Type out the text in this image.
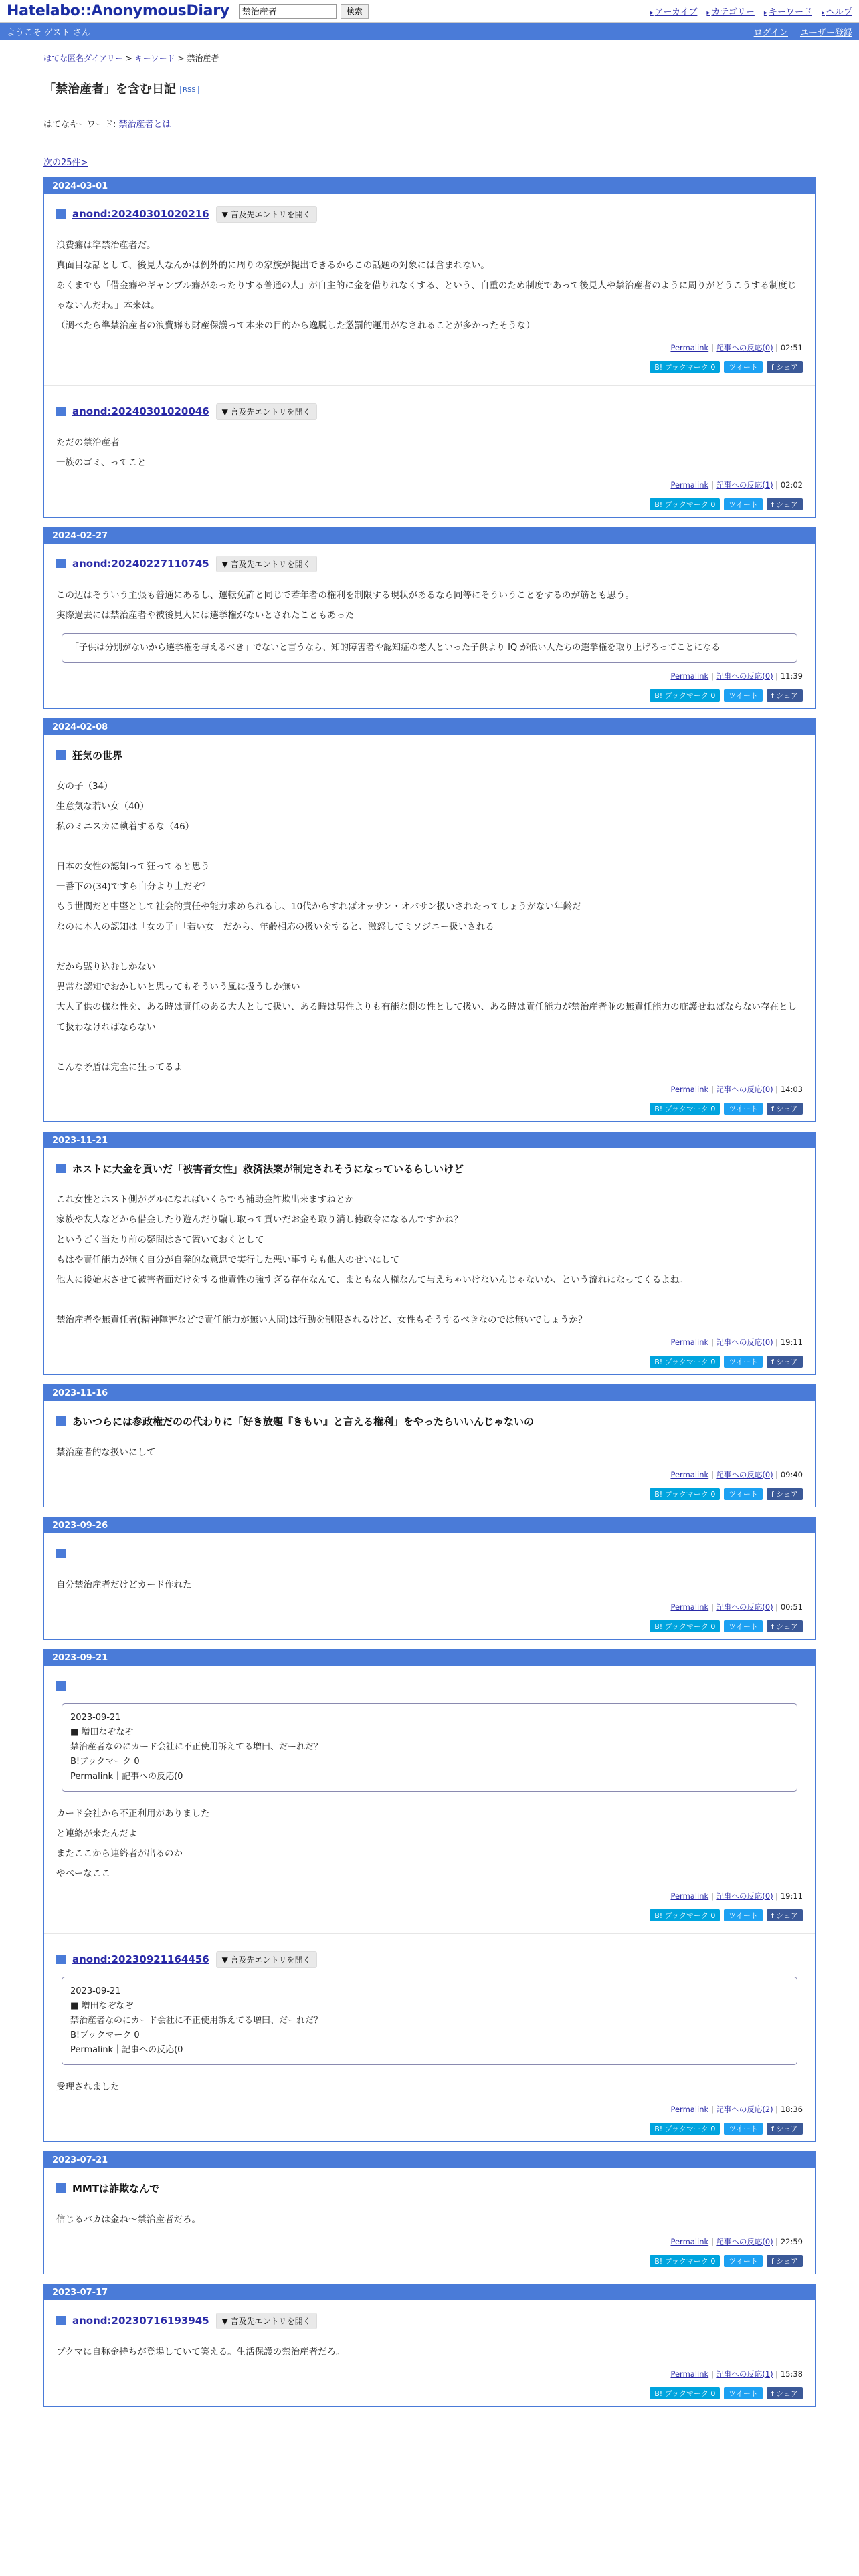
Hatelabo::AnonymousDiary
禁治産者	検索	▸ アーカイブ	▸ カテゴリー	▸ キーワード	▸ ヘルプ
ようこそ ゲスト さん	ログイン ユーザー登録
はてな匿名ダイアリー > キーワード > 禁治産者
「禁治産者」を含む日記 RSS
はてなキーワード: 禁治産者とは
次の25件>
2024-03-01
anond:20240301020216	▼ 言及先エントリを開く

浪費癖は準禁治産者だ。

真面目な話として、後見人なんかは例外的に周りの家族が提出できるからこの話題の対象には含まれない。

あくまでも「借金癖やギャンブル癖があったりする普通の人」が自主的に金を借りれなくする、という、自重のため制度であって後見人や禁治産者のように周りがどうこうする制度じゃないんだわ。」本来は。

（調べたら準禁治産者の浪費癖も財産保護って本来の目的から逸脱した懲罰的運用がなされることが多かったそうな）

Permalink | 記事への反応(0) | 02:51
B! ブックマーク 0	ツイート	f シェア
anond:20240301020046	▼ 言及先エントリを開く

ただの禁治産者

一族のゴミ、ってこと

Permalink | 記事への反応(1) | 02:02
B! ブックマーク 0	ツイート	f シェア
2024-02-27
anond:20240227110745	▼ 言及先エントリを開く

この辺はそういう主張も普通にあるし、運転免許と同じで若年者の権利を制限する現状があるなら同等にそういうことをするのが筋とも思う。

実際過去には禁治産者や被後見人には選挙権がないとされたこともあった

「子供は分別がないから選挙権を与えるべき」でないと言うなら、知的障害者や認知症の老人といった子供より IQ が低い人たちの選挙権を取り上げろってことになる
Permalink | 記事への反応(0) | 11:39
B! ブックマーク 0	ツイート	f シェア
2024-02-08
狂気の世界

女の子（34）

生意気な若い女（40）

私のミニスカに執着するな（46）

日本の女性の認知って狂ってると思う

一番下の(34)ですら自分より上だぞ？

もう世間だと中堅として社会的責任や能力求められるし、10代からすればオッサン・オバサン扱いされたってしょうがない年齢だ

なのに本人の認知は「女の子」「若い女」だから、年齢相応の扱いをすると、激怒してミソジニー扱いされる

だから黙り込むしかない

異常な認知でおかしいと思ってもそういう風に扱うしか無い

大人子供の様な性を、ある時は責任のある大人として扱い、ある時は男性よりも有能な側の性として扱い、ある時は責任能力が禁治産者並の無責任能力の庇護せねばならない存在として扱わなければならない

こんな矛盾は完全に狂ってるよ

Permalink | 記事への反応(0) | 14:03
B! ブックマーク 0	ツイート	f シェア
2023-11-21
ホストに大金を貢いだ「被害者女性」救済法案が制定されそうになっているらしいけど

これ女性とホスト側がグルになればいくらでも補助金詐欺出来ますねとか

家族や友人などから借金したり遊んだり騙し取って貢いだお金も取り消し徳政令になるんですかね？

というごく当たり前の疑問はさて置いておくとして

もはや責任能力が無く自分が自発的な意思で実行した悪い事すらも他人のせいにして

他人に後始末させて被害者面だけをする他責性の強すぎる存在なんて、まともな人権なんて与えちゃいけないんじゃないか、という流れになってくるよね。

禁治産者や無責任者(精神障害などで責任能力が無い人間)は行動を制限されるけど、女性もそうするべきなのでは無いでしょうか？

Permalink | 記事への反応(0) | 19:11
B! ブックマーク 0	ツイート	f シェア
2023-11-16
あいつらには参政権だのの代わりに「好き放題『きもい』と言える権利」をやったらいいんじゃないの

禁治産者的な扱いにして

Permalink | 記事への反応(0) | 09:40
B! ブックマーク 0	ツイート	f シェア
2023-09-26

自分禁治産者だけどカード作れた

Permalink | 記事への反応(0) | 00:51
B! ブックマーク 0	ツイート	f シェア
2023-09-21
2023-09-21
■ 増田なぞなぞ
禁治産者なのにカード会社に不正使用訴えてる増田、だーれだ？
B!ブックマーク 0
Permalink｜記事への反応(0

カード会社から不正利用がありました

と連絡が来たんだよ

またここから連絡者が出るのか

やべーなここ

Permalink | 記事への反応(0) | 19:11
B! ブックマーク 0	ツイート	f シェア
anond:20230921164456	▼ 言及先エントリを開く
2023-09-21
■ 増田なぞなぞ
禁治産者なのにカード会社に不正使用訴えてる増田、だーれだ？
B!ブックマーク 0
Permalink｜記事への反応(0

受理されました

Permalink | 記事への反応(2) | 18:36
B! ブックマーク 0	ツイート	f シェア
2023-07-21
MMTは詐欺なんで

信じるバカは金ね〜禁治産者だろ。

Permalink | 記事への反応(0) | 22:59
B! ブックマーク 0	ツイート	f シェア
2023-07-17
anond:20230716193945	▼ 言及先エントリを開く

ブクマに自称金持ちが登場していて笑える。生活保護の禁治産者だろ。

Permalink | 記事への反応(1) | 15:38
B! ブックマーク 0	ツイート	f シェア
